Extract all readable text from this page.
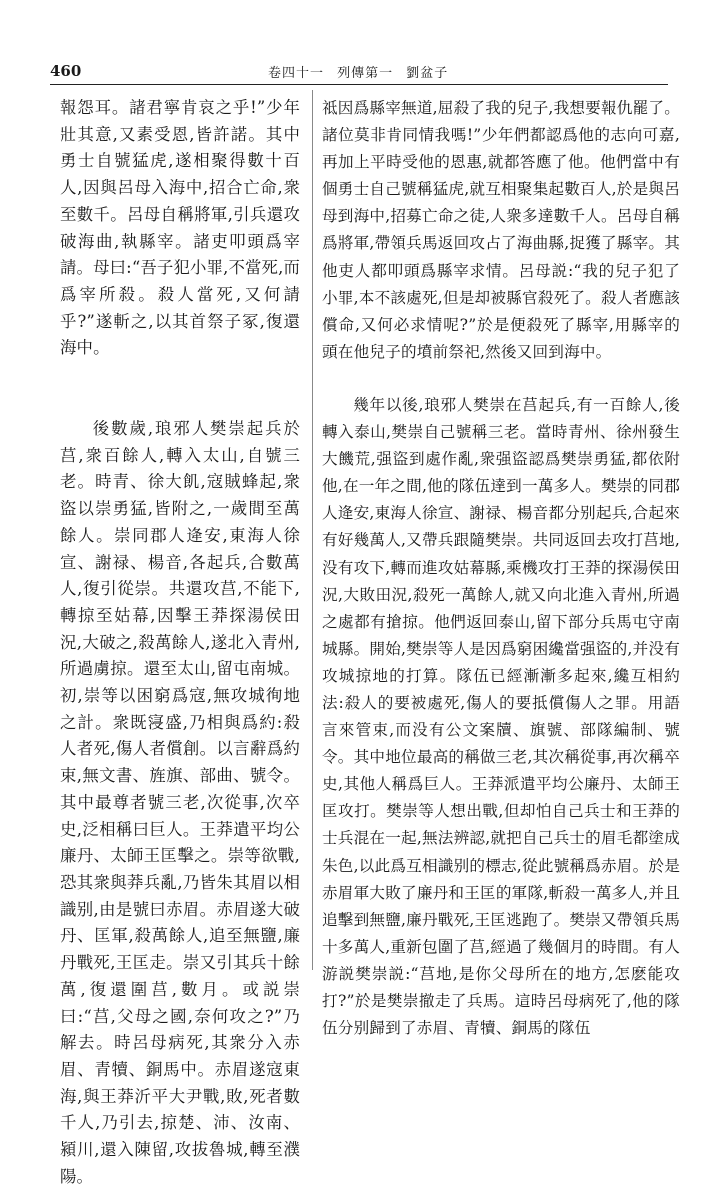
460	卷四十一 列傳第一 劉盆子

報怨耳。諸君寧肯哀之乎!”少年壯其意,又素受恩,皆許諾。其中勇士自號猛虎,遂相聚得數十百人,因與呂母入海中,招合亡命,衆至數千。呂母自稱將軍,引兵還攻破海曲,執縣宰。諸吏叩頭爲宰請。母曰:“吾子犯小罪,不當死,而爲宰所殺。殺人當死,又何請乎?”遂斬之,以其首祭子冢,復還海中。

後數歲,琅邪人樊崇起兵於莒,衆百餘人,轉入太山,自號三老。時青、徐大飢,寇賊蜂起,衆盜以崇勇猛,皆附之,一歲間至萬餘人。崇同郡人逄安,東海人徐宣、謝禄、楊音,各起兵,合數萬人,復引從崇。共還攻莒,不能下,轉掠至姑幕,因擊王莽探湯侯田況,大破之,殺萬餘人,遂北入青州,所過虜掠。還至太山,留屯南城。初,崇等以困窮爲寇,無攻城徇地之計。衆既寖盛,乃相與爲約:殺人者死,傷人者償創。以言辭爲約束,無文書、旌旗、部曲、號令。其中最尊者號三老,次從事,次卒史,泛相稱曰巨人。王莽遣平均公廉丹、太師王匡擊之。崇等欲戰,恐其衆與莽兵亂,乃皆朱其眉以相識别,由是號曰赤眉。赤眉遂大破丹、匡軍,殺萬餘人,追至無鹽,廉丹戰死,王匡走。崇又引其兵十餘萬,復還圍莒,數月。或説崇曰:“莒,父母之國,奈何攻之?”乃解去。時呂母病死,其衆分入赤眉、青犢、銅馬中。赤眉遂寇東海,與王莽沂平大尹戰,敗,死者數千人,乃引去,掠楚、沛、汝南、潁川,還入陳留,攻拔魯城,轉至濮陽。

祗因爲縣宰無道,屈殺了我的兒子,我想要報仇罷了。諸位莫非肯同情我嗎!”少年們都認爲他的志向可嘉,再加上平時受他的恩惠,就都答應了他。他們當中有個勇士自己號稱猛虎,就互相聚集起數百人,於是與呂母到海中,招募亡命之徒,人衆多達數千人。呂母自稱爲將軍,帶領兵馬返回攻占了海曲縣,捉獲了縣宰。其他吏人都叩頭爲縣宰求情。呂母説:“我的兒子犯了小罪,本不該處死,但是却被縣官殺死了。殺人者應該償命,又何必求情呢?”於是便殺死了縣宰,用縣宰的頭在他兒子的墳前祭祀,然後又回到海中。

幾年以後,琅邪人樊崇在莒起兵,有一百餘人,後轉入泰山,樊崇自己號稱三老。當時青州、徐州發生大饑荒,强盜到處作亂,衆强盜認爲樊崇勇猛,都依附他,在一年之間,他的隊伍達到一萬多人。樊崇的同郡人逄安,東海人徐宣、謝禄、楊音都分别起兵,合起來有好幾萬人,又帶兵跟隨樊崇。共同返回去攻打莒地,没有攻下,轉而進攻姑幕縣,乘機攻打王莽的探湯侯田況,大敗田況,殺死一萬餘人,就又向北進入青州,所過之處都有搶掠。他們返回泰山,留下部分兵馬屯守南城縣。開始,樊崇等人是因爲窮困纔當强盜的,并没有攻城掠地的打算。隊伍已經漸漸多起來,纔互相約法:殺人的要被處死,傷人的要抵償傷人之罪。用語言來管束,而没有公文案牘、旗號、部隊編制、號令。其中地位最高的稱做三老,其次稱從事,再次稱卒史,其他人稱爲巨人。王莽派遣平均公廉丹、太師王匡攻打。樊崇等人想出戰,但却怕自己兵士和王莽的士兵混在一起,無法辨認,就把自己兵士的眉毛都塗成朱色,以此爲互相識别的標志,從此號稱爲赤眉。於是赤眉軍大敗了廉丹和王匡的軍隊,斬殺一萬多人,并且追擊到無鹽,廉丹戰死,王匡逃跑了。樊崇又帶領兵馬十多萬人,重新包圍了莒,經過了幾個月的時間。有人游説樊崇説:“莒地,是你父母所在的地方,怎麽能攻打?”於是樊崇撤走了兵馬。這時呂母病死了,他的隊伍分别歸到了赤眉、青犢、銅馬的隊伍
